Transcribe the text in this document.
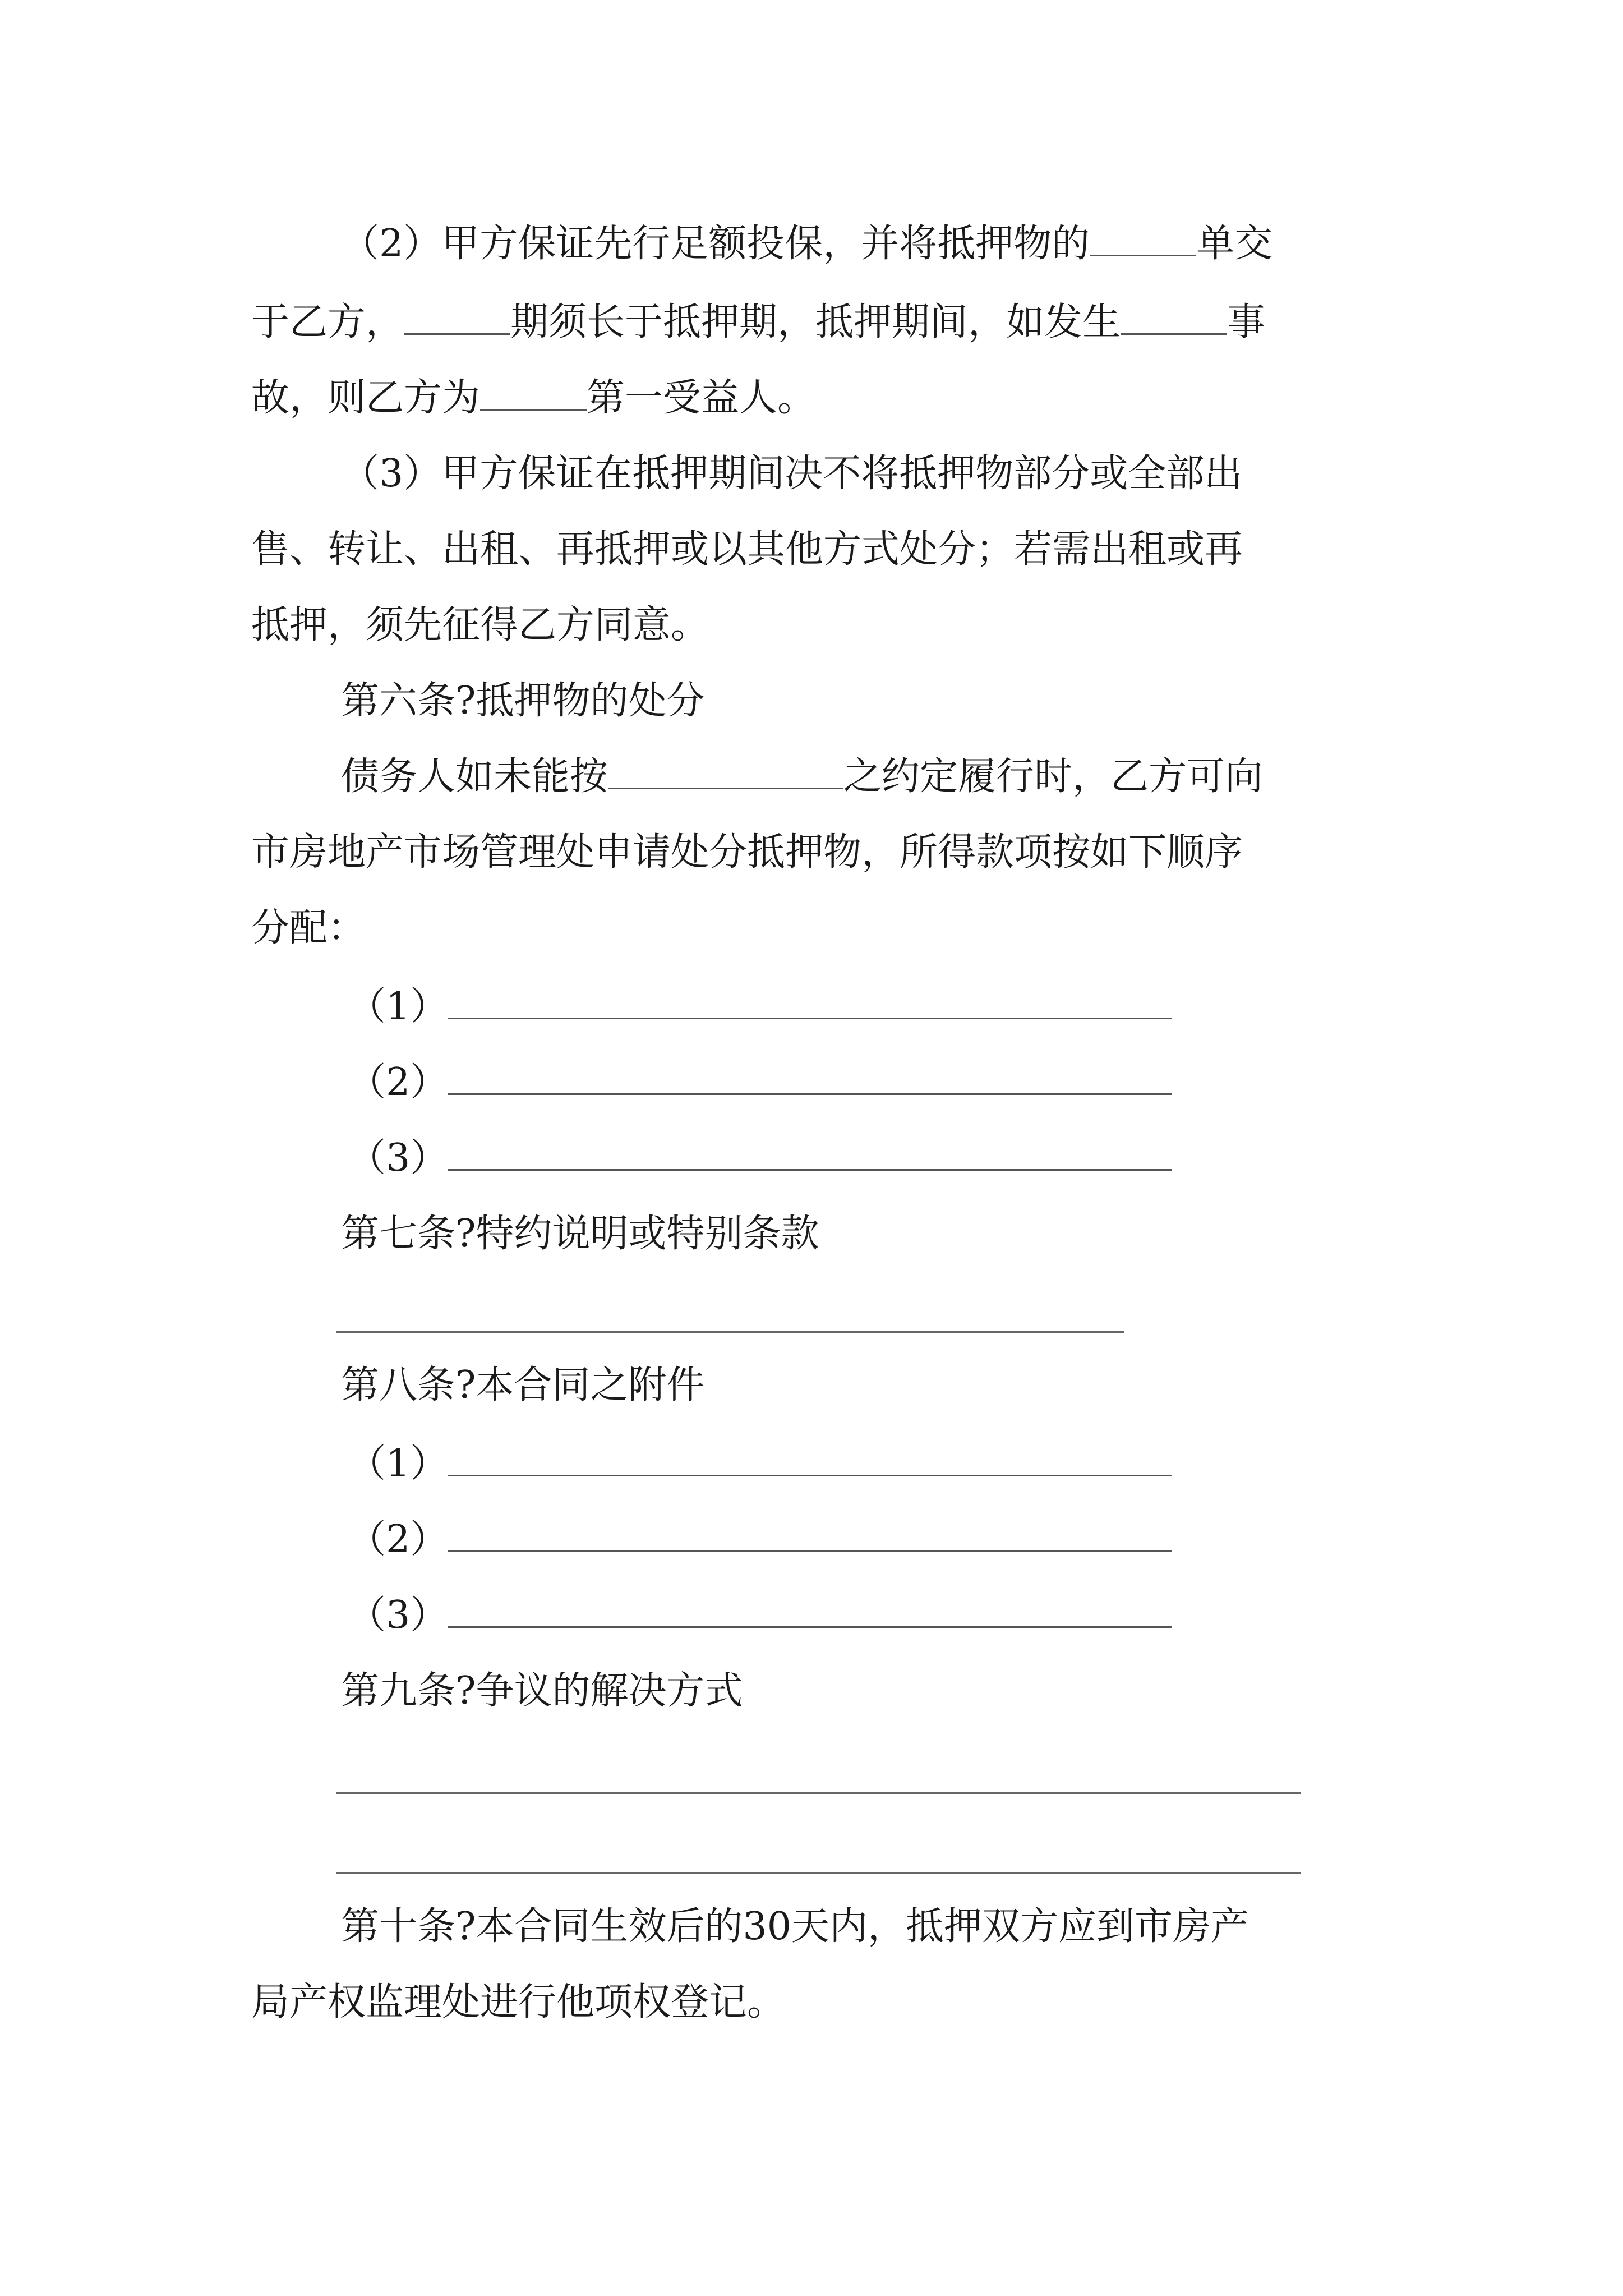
（2）甲方保证先行足额投保，并将抵押物的	单交
于乙方，	期须长于抵押期，抵押期间，如发生	事
故，则乙方为	第一受益人。
（3）甲方保证在抵押期间决不将抵押物部分或全部出
售、转让、出租、再抵押或以其他方式处分；若需出租或再
抵押，须先征得乙方同意。
第六条?抵押物的处分
债务人如未能按	之约定履行时，乙方可向
市房地产市场管理处申请处分抵押物，所得款项按如下顺序
分配：
（1）
（2）
（3）
第七条?特约说明或特别条款
第八条?本合同之附件
（1）
（2）
（3）
第九条?争议的解决方式
第十条?本合同生效后的30天内，抵押双方应到市房产
局产权监理处进行他项权登记。
